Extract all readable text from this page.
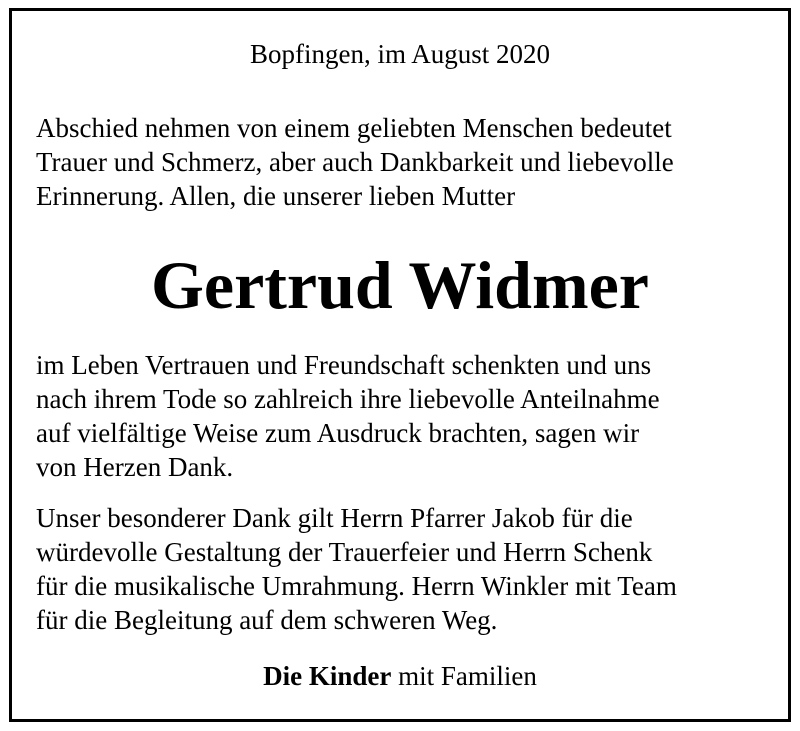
Bopfingen, im August 2020
Abschied nehmen von einem geliebten Menschen bedeutet
Trauer und Schmerz, aber auch Dankbarkeit und liebevolle
Erinnerung. Allen, die unserer lieben Mutter
Gertrud Widmer
im Leben Vertrauen und Freundschaft schenkten und uns
nach ihrem Tode so zahlreich ihre liebevolle Anteilnahme
auf vielfältige Weise zum Ausdruck brachten, sagen wir
von Herzen Dank.
Unser besonderer Dank gilt Herrn Pfarrer Jakob für die
würdevolle Gestaltung der Trauerfeier und Herrn Schenk
für die musikalische Umrahmung. Herrn Winkler mit Team
für die Begleitung auf dem schweren Weg.
Die Kinder mit Familien
